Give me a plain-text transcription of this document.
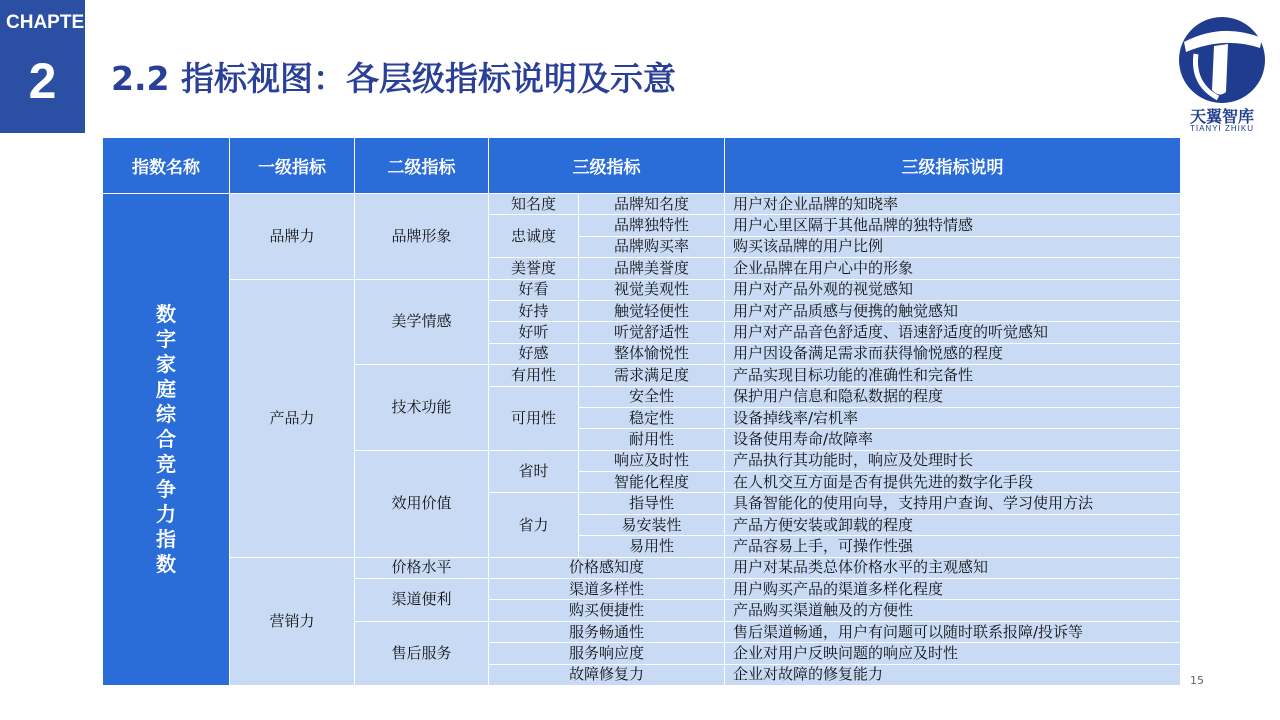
CHAPTER
2	2.2 指标视图：各层级指标说明及示意
天翼智库
TIANYI ZHIKU
指数名称	一级指标	二级指标	三级指标		三级指标说明
数字家庭综合竞争力指数	品牌力	品牌形象	知名度	品牌知名度	用户对企业品牌的知晓率
			忠诚度	品牌独特性	用户心里区隔于其他品牌的独特情感
				品牌购买率	购买该品牌的用户比例
			美誉度	品牌美誉度	企业品牌在用户心中的形象
	产品力	美学情感	好看	视觉美观性	用户对产品外观的视觉感知
			好持	触觉轻便性	用户对产品质感与便携的触觉感知
			好听	听觉舒适性	用户对产品音色舒适度、语速舒适度的听觉感知
			好感	整体愉悦性	用户因设备满足需求而获得愉悦感的程度
		技术功能	有用性	需求满足度	产品实现目标功能的准确性和完备性
			可用性	安全性	保护用户信息和隐私数据的程度
				稳定性	设备掉线率/宕机率
				耐用性	设备使用寿命/故障率
		效用价值	省时	响应及时性	产品执行其功能时，响应及处理时长
				智能化程度	在人机交互方面是否有提供先进的数字化手段
			省力	指导性	具备智能化的使用向导，支持用户查询、学习使用方法
				易安装性	产品方便安装或卸载的程度
				易用性	产品容易上手，可操作性强
	营销力	价格水平	价格感知度		用户对某品类总体价格水平的主观感知
		渠道便利	渠道多样性		用户购买产品的渠道多样化程度
			购买便捷性		产品购买渠道触及的方便性
		售后服务	服务畅通性		售后渠道畅通，用户有问题可以随时联系报障/投诉等
			服务响应度		企业对用户反映问题的响应及时性
			故障修复力		企业对故障的修复能力	15
